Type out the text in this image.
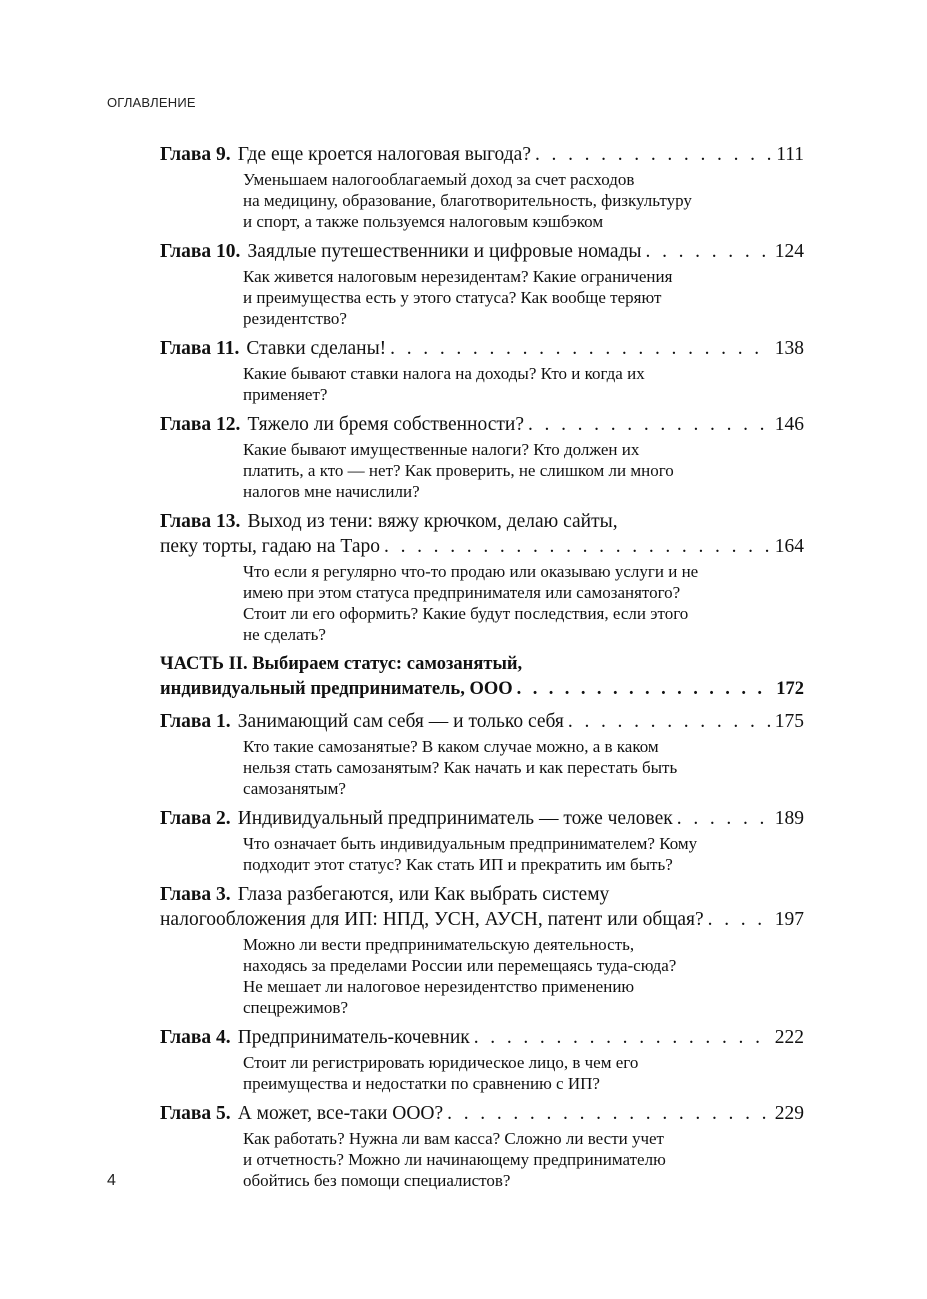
ОГЛАВЛЕНИЕ
Глава 9. Где еще кроется налоговая выгода? . . .	111
Уменьшаем налогооблагаемый доход за счет расходов
на медицину, образование, благотворительность, физкультуру
и спорт, а также пользуемся налоговым кэшбэком
Глава 10. Заядлые путешественники и цифровые номады . . .	124
Как живется налоговым нерезидентам? Какие ограничения
и преимущества есть у этого статуса? Как вообще теряют
резидентство?
Глава 11. Ставки сделаны! . . .	138
Какие бывают ставки налога на доходы? Кто и когда их
применяет?
Глава 12. Тяжело ли бремя собственности? . . .	146
Какие бывают имущественные налоги? Кто должен их
платить, а кто — нет? Как проверить, не слишком ли много
налогов мне начислили?
Глава 13. Выход из тени: вяжу крючком, делаю сайты,
пеку торты, гадаю на Таро . . .	164
Что если я регулярно что-то продаю или оказываю услуги и не
имею при этом статуса предпринимателя или самозанятого?
Стоит ли его оформить? Какие будут последствия, если этого
не сделать?
ЧАСТЬ II. Выбираем статус: самозанятый,
индивидуальный предприниматель, ООО . . .	172
Глава 1. Занимающий сам себя — и только себя . . .	175
Кто такие самозанятые? В каком случае можно, а в каком
нельзя стать самозанятым? Как начать и как перестать быть
самозанятым?
Глава 2. Индивидуальный предприниматель — тоже человек . . .	189
Что означает быть индивидуальным предпринимателем? Кому
подходит этот статус? Как стать ИП и прекратить им быть?
Глава 3. Глаза разбегаются, или Как выбрать систему
налогообложения для ИП: НПД, УСН, АУСН, патент или общая? . . .	197
Можно ли вести предпринимательскую деятельность,
находясь за пределами России или перемещаясь туда-сюда?
Не мешает ли налоговое нерезидентство применению
спецрежимов?
Глава 4. Предприниматель-кочевник . . .	222
Стоит ли регистрировать юридическое лицо, в чем его
преимущества и недостатки по сравнению с ИП?
Глава 5. А может, все-таки ООО? . . .	229
Как работать? Нужна ли вам касса? Сложно ли вести учет
и отчетность? Можно ли начинающему предпринимателю
обойтись без помощи специалистов?
4
